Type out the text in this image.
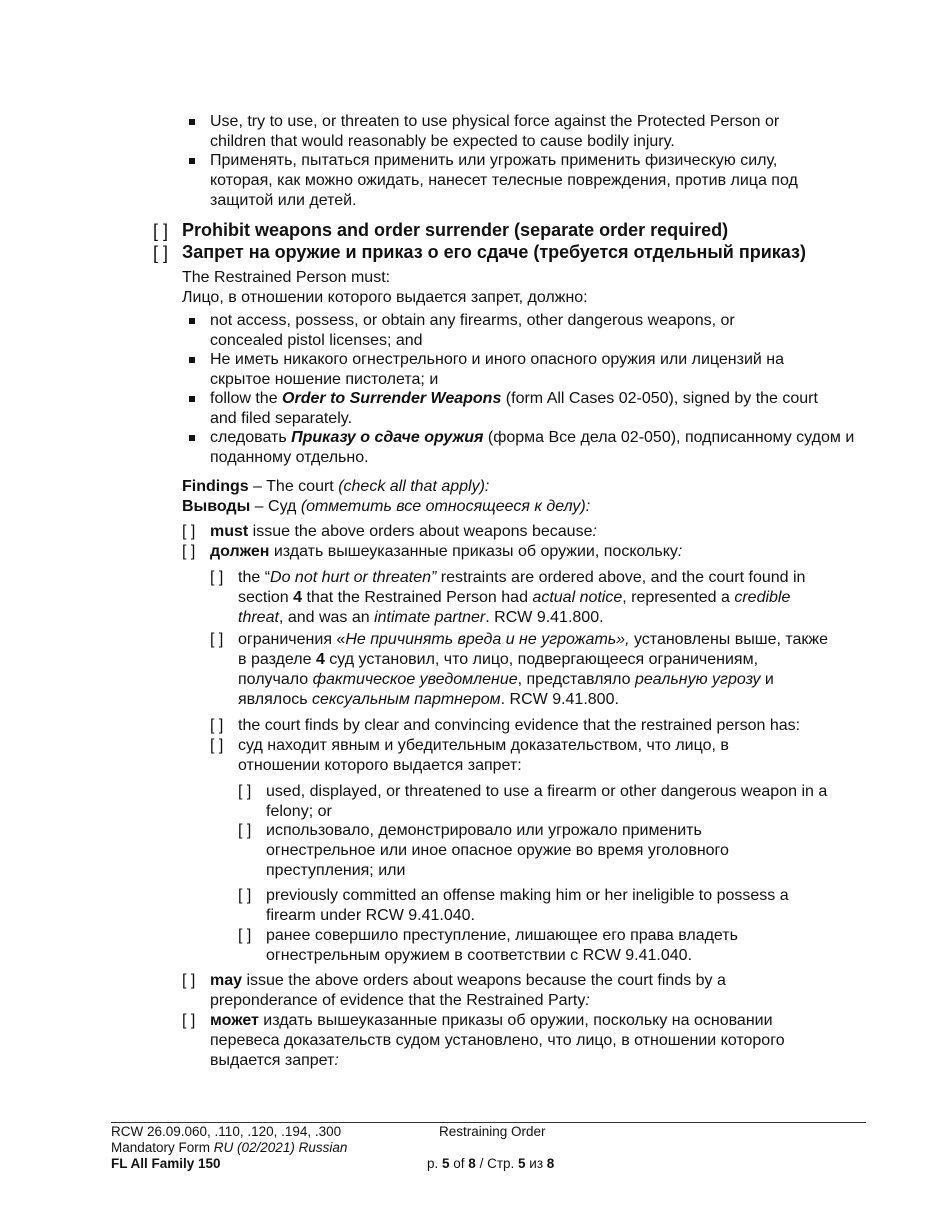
Use, try to use, or threaten to use physical force against the Protected Person or children that would reasonably be expected to cause bodily injury.

Применять, пытаться применить или угрожать применить физическую силу, которая, как можно ожидать, нанесет телесные повреждения, против лица под защитой или детей.

[ ] Prohibit weapons and order surrender (separate order required)

[ ] Запрет на оружие и приказ о его сдаче (требуется отдельный приказ)

The Restrained Person must:

Лицо, в отношении которого выдается запрет, должно:

not access, possess, or obtain any firearms, other dangerous weapons, or concealed pistol licenses; and

Не иметь никакого огнестрельного и иного опасного оружия или лицензий на скрытое ношение пистолета; и

follow the Order to Surrender Weapons (form All Cases 02-050), signed by the court and filed separately.

следовать Приказу о сдаче оружия (форма Все дела 02-050), подписанному судом и поданному отдельно.

Findings – The court (check all that apply):

Выводы – Суд (отметить все относящееся к делу):

[ ] must issue the above orders about weapons because:

[ ] должен издать вышеуказанные приказы об оружии, поскольку:

[ ] the “Do not hurt or threaten” restraints are ordered above, and the court found in section 4 that the Restrained Person had actual notice, represented a credible threat, and was an intimate partner. RCW 9.41.800.

[ ] ограничения «Не причинять вреда и не угрожать», установлены выше, также в разделе 4 суд установил, что лицо, подвергающееся ограничениям, получало фактическое уведомление, представляло реальную угрозу и являлось сексуальным партнером. RCW 9.41.800.

[ ] the court finds by clear and convincing evidence that the restrained person has:

[ ] суд находит явным и убедительным доказательством, что лицо, в отношении которого выдается запрет:

[ ] used, displayed, or threatened to use a firearm or other dangerous weapon in a felony; or

[ ] использовало, демонстрировало или угрожало применить огнестрельное или иное опасное оружие во время уголовного преступления; или

[ ] previously committed an offense making him or her ineligible to possess a firearm under RCW 9.41.040.

[ ] ранее совершило преступление, лишающее его права владеть огнестрельным оружием в соответствии с RCW 9.41.040.

[ ] may issue the above orders about weapons because the court finds by a preponderance of evidence that the Restrained Party:

[ ] может издать вышеуказанные приказы об оружии, поскольку на основании перевеса доказательств судом установлено, что лицо, в отношении которого выдается запрет:

RCW 26.09.060, .110, .120, .194, .300
Mandatory Form RU (02/2021) Russian
FL All Family 150
Restraining Order
p. 5 of 8 / Стр. 5 из 8
